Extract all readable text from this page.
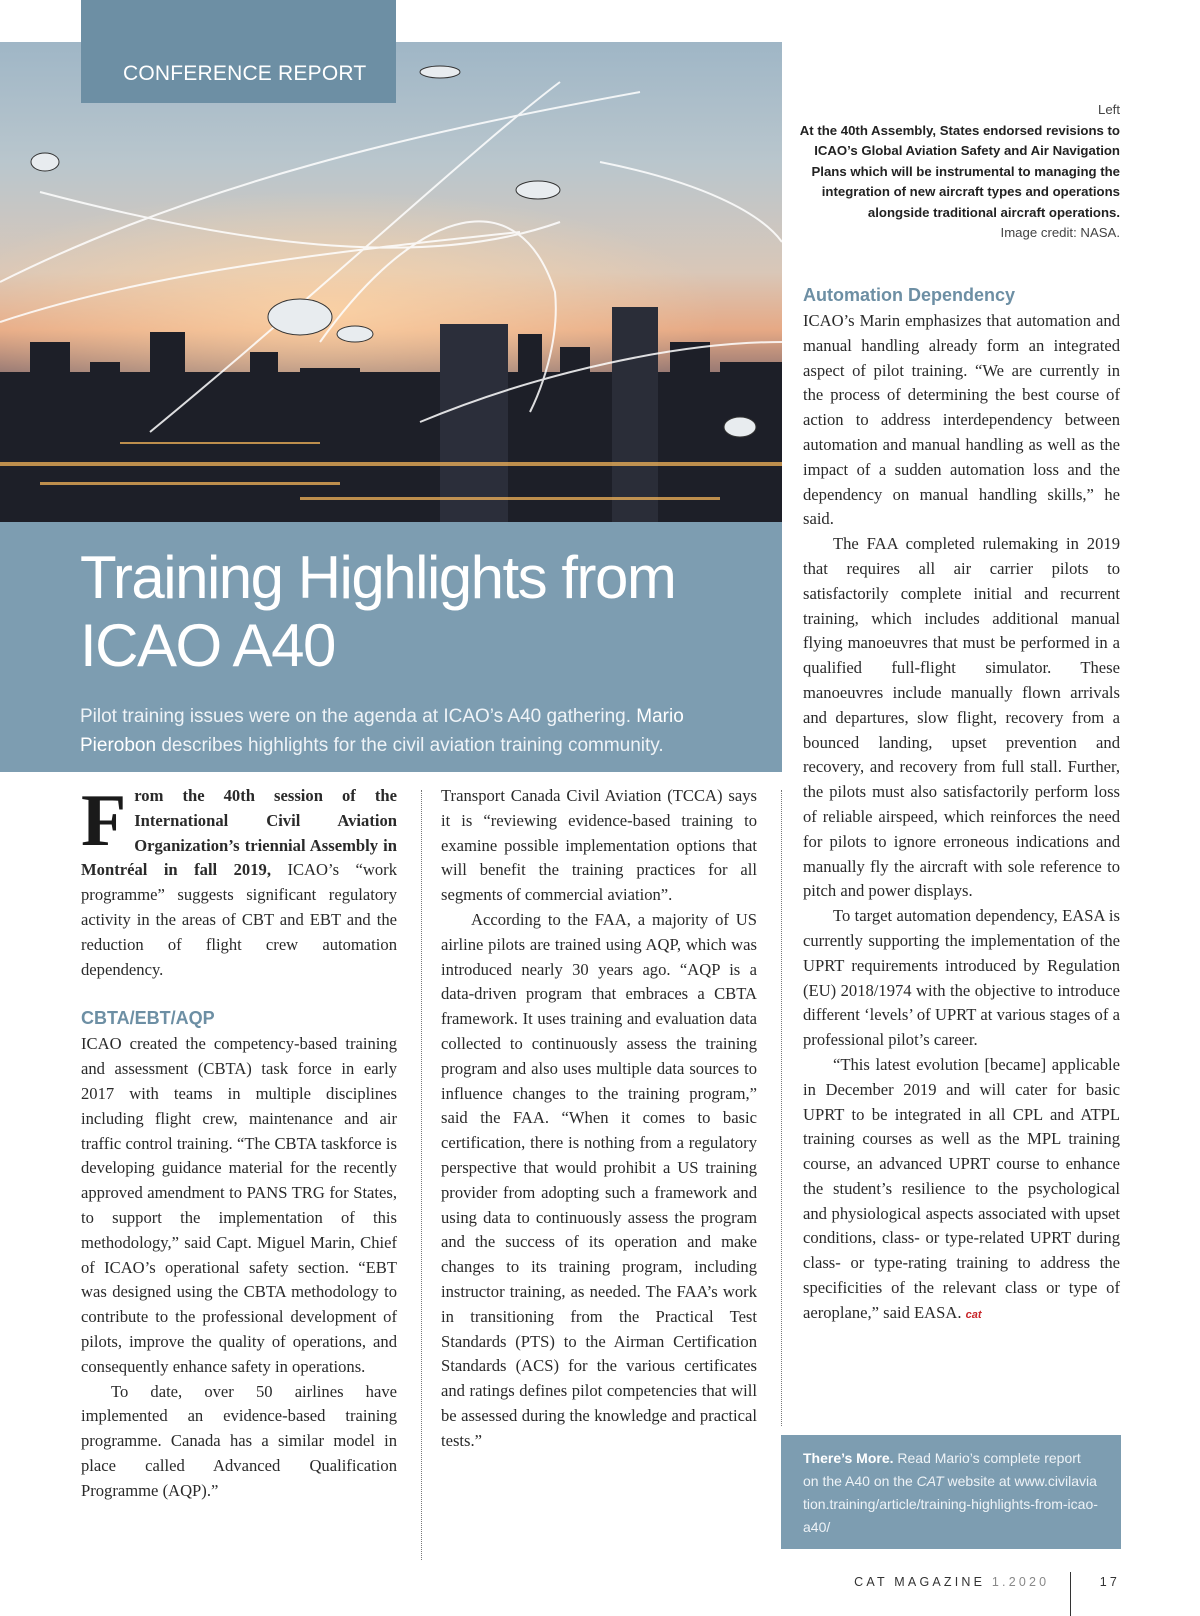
CONFERENCE REPORT
Left
At the 40th Assembly, States endorsed revisions to ICAO’s Global Aviation Safety and Air Navigation Plans which will be instrumental to managing the integration of new aircraft types and operations alongside traditional aircraft operations.
Image credit: NASA.
Training Highlights from ICAO A40

Pilot training issues were on the agenda at ICAO’s A40 gathering. Mario Pierobon describes highlights for the civil aviation training community.

From the 40th session of the International Civil Aviation Organization’s triennial Assembly in Montréal in fall 2019, ICAO’s “work programme” suggests significant regulatory activity in the areas of CBT and EBT and the reduction of flight crew automation dependency.

CBTA/EBT/AQP

ICAO created the competency-based training and assessment (CBTA) task force in early 2017 with teams in multiple disciplines including flight crew, maintenance and air traffic control training. “The CBTA taskforce is developing guidance material for the recently approved amendment to PANS TRG for States, to support the implementation of this methodology,” said Capt. Miguel Marin, Chief of ICAO’s operational safety section. “EBT was designed using the CBTA methodology to contribute to the professional development of pilots, improve the quality of operations, and consequently enhance safety in operations.

To date, over 50 airlines have implemented an evidence-based training programme. Canada has a similar model in place called Advanced Qualification Programme (AQP).”

Transport Canada Civil Aviation (TCCA) says it is “reviewing evidence-based training to examine possible implementation options that will benefit the training practices for all segments of commercial aviation”.

According to the FAA, a majority of US airline pilots are trained using AQP, which was introduced nearly 30 years ago. “AQP is a data-driven program that embraces a CBTA framework. It uses training and evaluation data collected to continuously assess the training program and also uses multiple data sources to influence changes to the training program,” said the FAA. “When it comes to basic certification, there is nothing from a regulatory perspective that would prohibit a US training provider from adopting such a framework and using data to continuously assess the program and the success of its operation and make changes to its training program, including instructor training, as needed. The FAA’s work in transitioning from the Practical Test Standards (PTS) to the Airman Certification Standards (ACS) for the various certificates and ratings defines pilot competencies that will be assessed during the knowledge and practical tests.”

Automation Dependency

ICAO’s Marin emphasizes that automation and manual handling already form an integrated aspect of pilot training. “We are currently in the process of determining the best course of action to address interdependency between automation and manual handling as well as the impact of a sudden automation loss and the dependency on manual handling skills,” he said.

The FAA completed rulemaking in 2019 that requires all air carrier pilots to satisfactorily complete initial and recurrent training, which includes additional manual flying manoeuvres that must be performed in a qualified full-flight simulator. These manoeuvres include manually flown arrivals and departures, slow flight, recovery from a bounced landing, upset prevention and recovery, and recovery from full stall. Further, the pilots must also satisfactorily perform loss of reliable airspeed, which reinforces the need for pilots to ignore erroneous indications and manually fly the aircraft with sole reference to pitch and power displays.

To target automation dependency, EASA is currently supporting the implementation of the UPRT requirements introduced by Regulation (EU) 2018/1974 with the objective to introduce different ‘levels’ of UPRT at various stages of a professional pilot’s career.

“This latest evolution [became] applicable in December 2019 and will cater for basic UPRT to be integrated in all CPL and ATPL training courses as well as the MPL training course, an advanced UPRT course to enhance the student’s resilience to the psychological and physiological aspects associated with upset conditions, class- or type-related UPRT during class- or type-rating training to address the specificities of the relevant class or type of aeroplane,” said EASA. cat

There’s More. Read Mario’s complete report on the A40 on the CAT website at www.civilaviation.training/article/training-highlights-from-icao-a40/
CAT MAGAZINE 1.2020	17
